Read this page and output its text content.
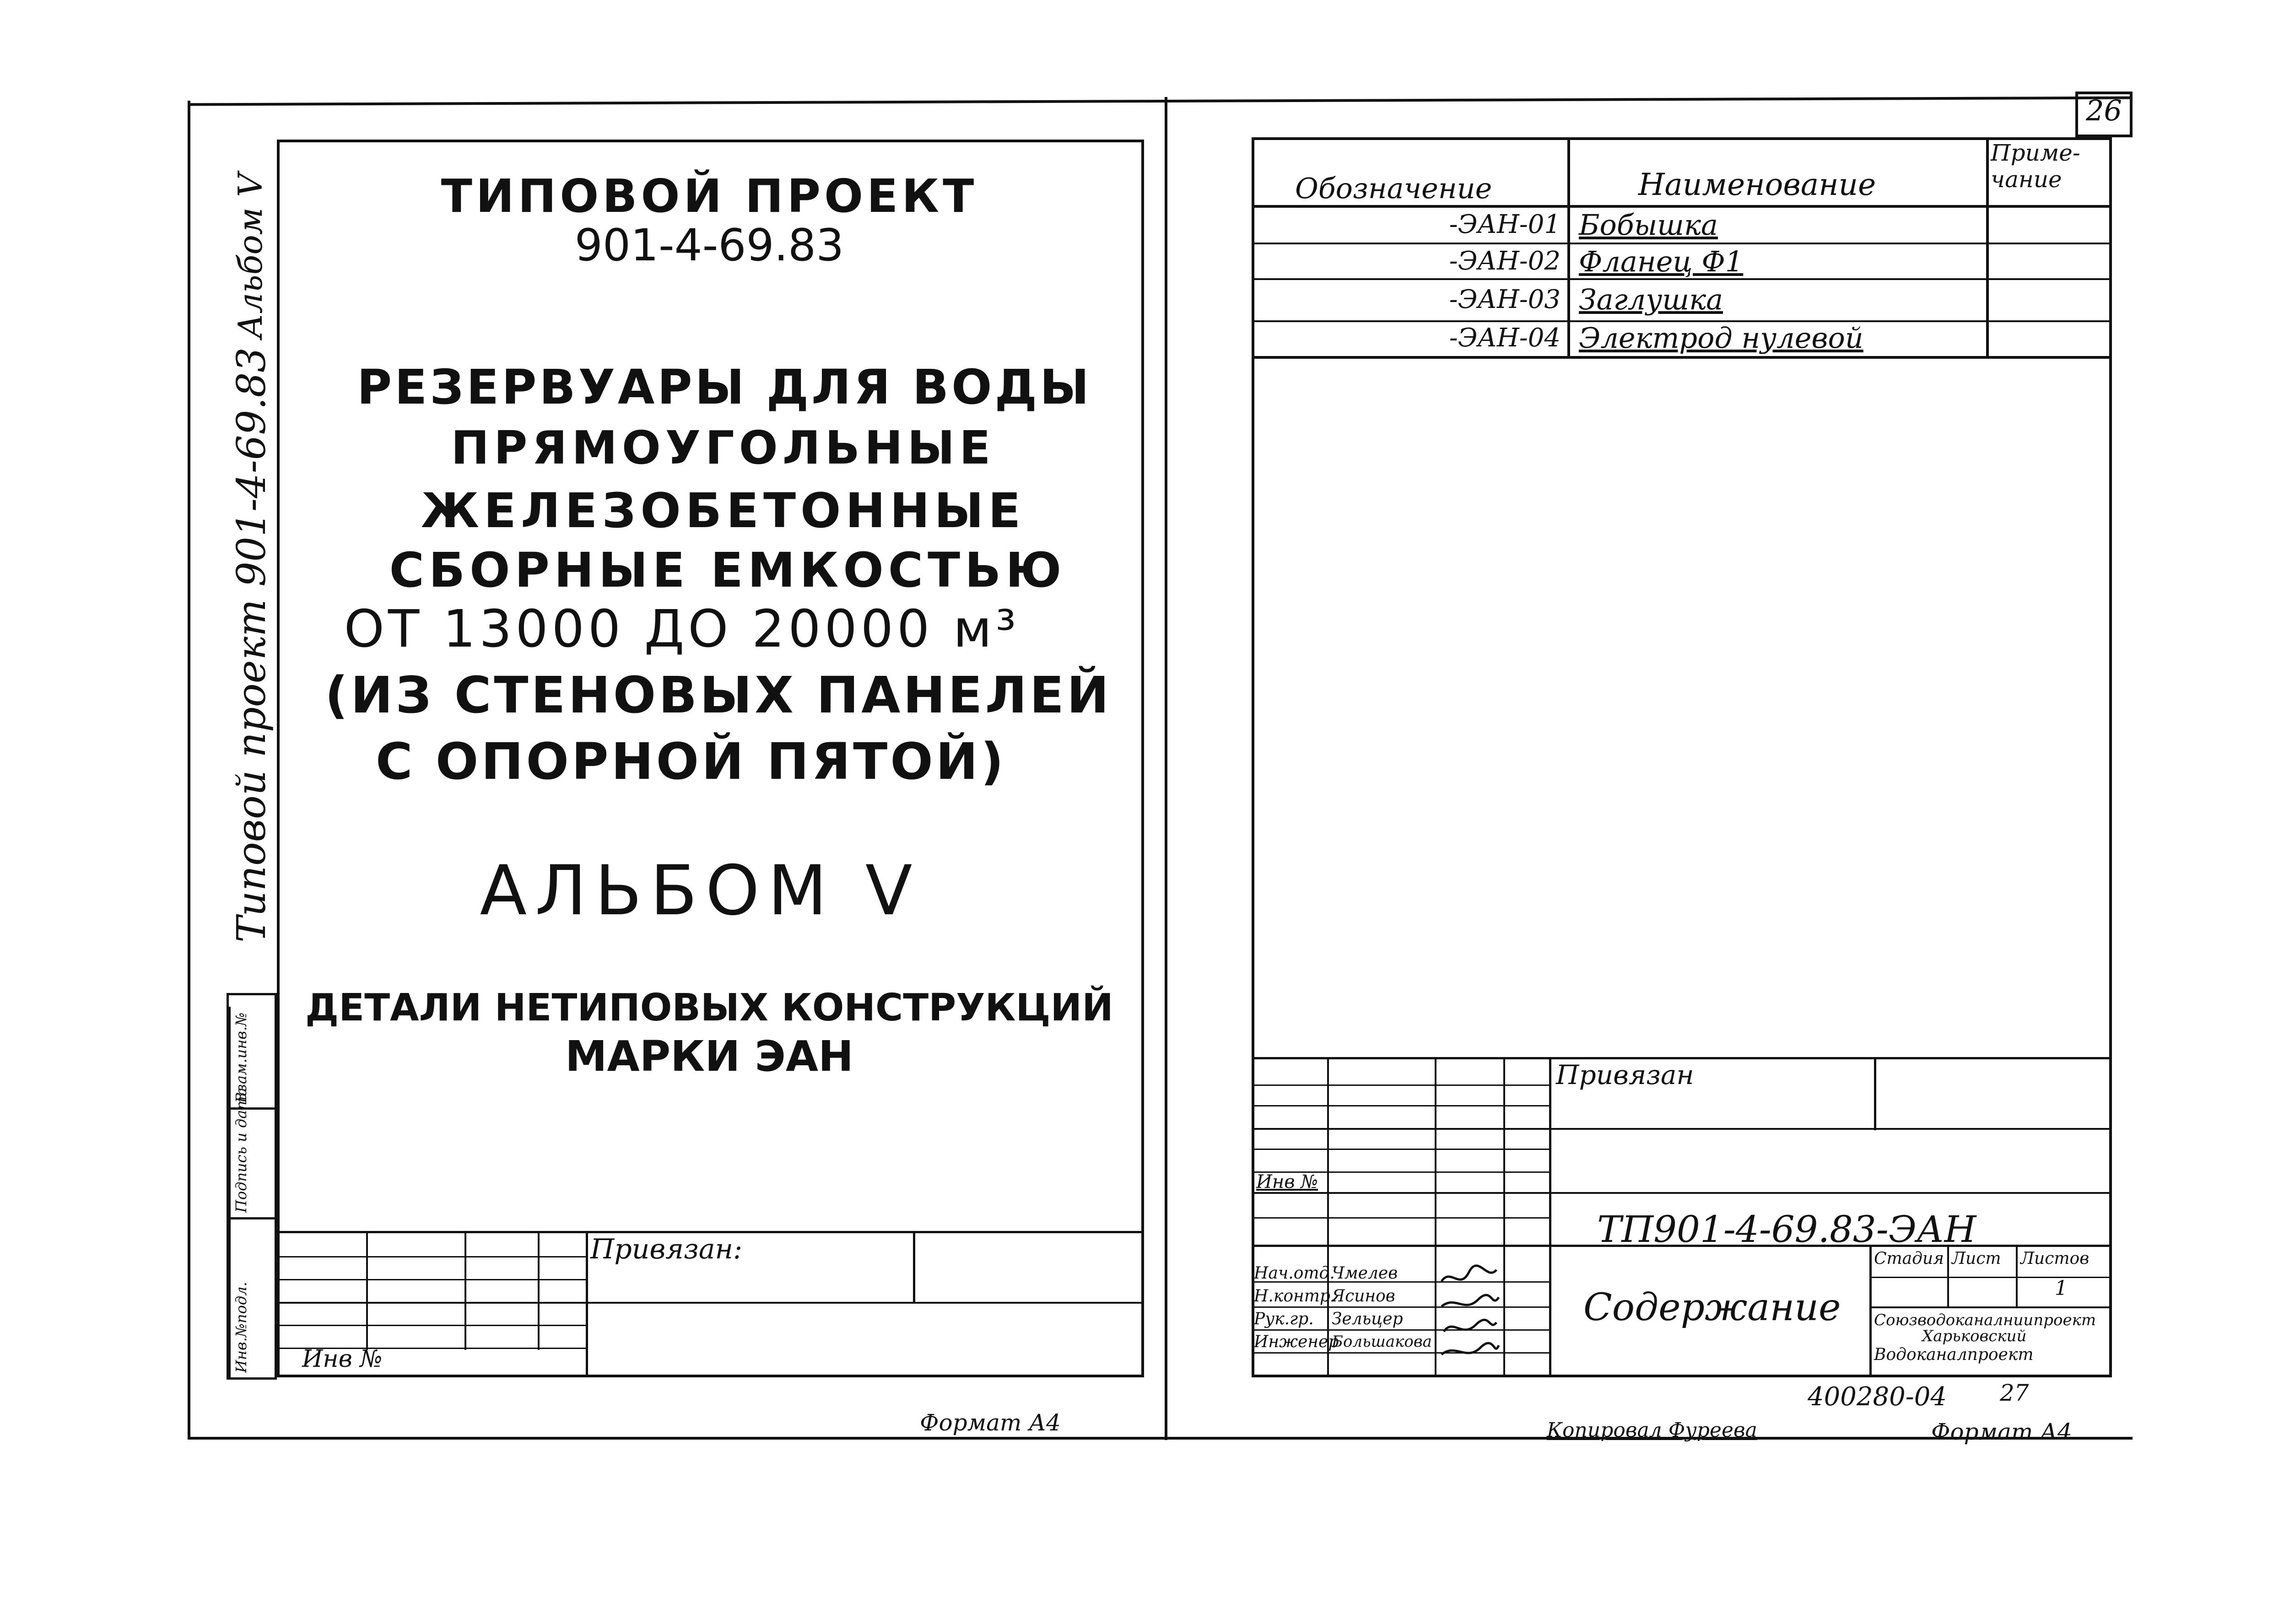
Альбом V
Типовой проект 901-4-69.83
Инв.№подл.
Подпись и дата
Взам.инв.№
ТИПОВОЙ ПРОЕКТ
901-4-69.83
РЕЗЕРВУАРЫ ДЛЯ ВОДЫ
ПРЯМОУГОЛЬНЫЕ
ЖЕЛЕЗОБЕТОННЫЕ
СБОРНЫЕ ЕМКОСТЬЮ
ОТ 13000 ДО 20000 м³
(ИЗ СТЕНОВЫХ ПАНЕЛЕЙ
С ОПОРНОЙ ПЯТОЙ)
АЛЬБОМ V
ДЕТАЛИ НЕТИПОВЫХ КОНСТРУКЦИЙ
МАРКИ ЭАН
Привязан:
Инв №
Формат А4
26
Обозначение	Наименование
Приме-
чание
-ЭАН-01 Бобышка
-ЭАН-02 Фланец Ф1
-ЭАН-03 Заглушка
-ЭАН-04 Электрод нулевой
Привязан
Инв №
ТП901-4-69.83-ЭАН
Содержание
Стадия Лист Листов
1
Союзводоканалниипроект
Харьковский
Водоканалпроект
Нач.отд.
Чмелев
Н.контр.
Ясинов
Рук.гр. Зельцер
Инженер
Большакова
400280-04 27
Копировал Фуреева	Формат А4
